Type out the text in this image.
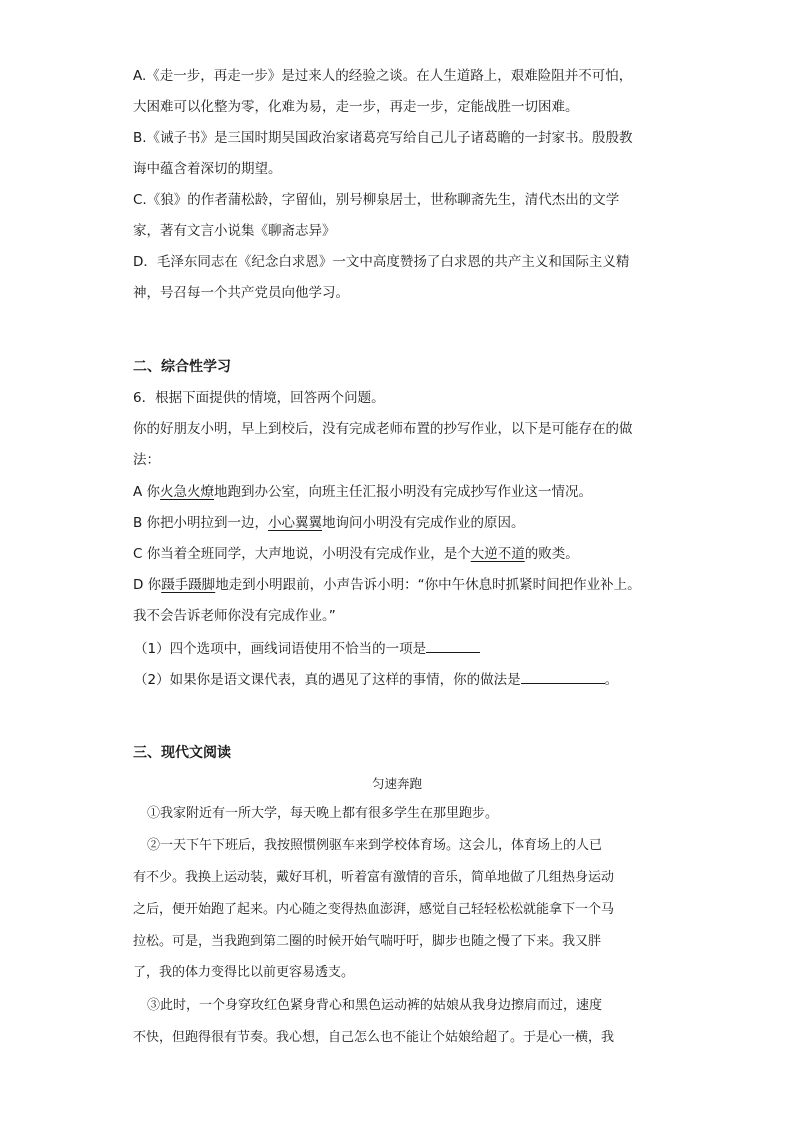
A.《走一步，再走一步》是过来人的经验之谈。在人生道路上，艰难险阻并不可怕，
大困难可以化整为零，化难为易，走一步，再走一步，定能战胜一切困难。
B.《诫子书》是三国时期吴国政治家诸葛亮写给自己儿子诸葛瞻的一封家书。殷殷教
诲中蕴含着深切的期望。
C.《狼》的作者蒲松龄，字留仙，别号柳泉居士，世称聊斋先生，清代杰出的文学
家，著有文言小说集《聊斋志异》
D．毛泽东同志在《纪念白求恩》一文中高度赞扬了白求恩的共产主义和国际主义精
神，号召每一个共产党员向他学习。
二、综合性学习
6．根据下面提供的情境，回答两个问题。
你的好朋友小明，早上到校后，没有完成老师布置的抄写作业，以下是可能存在的做
法：
A 你火急火燎地跑到办公室，向班主任汇报小明没有完成抄写作业这一情况。
B 你把小明拉到一边，小心翼翼地询问小明没有完成作业的原因。
C 你当着全班同学，大声地说，小明没有完成作业，是个大逆不道的败类。
D 你蹑手蹑脚地走到小明跟前，小声告诉小明：“你中午休息时抓紧时间把作业补上。
我不会告诉老师你没有完成作业。”
（1）四个选项中，画线词语使用不恰当的一项是
（2）如果你是语文课代表，真的遇见了这样的事情，你的做法是	。
三、现代文阅读
匀速奔跑
①我家附近有一所大学，每天晚上都有很多学生在那里跑步。
②一天下午下班后，我按照惯例驱车来到学校体育场。这会儿，体育场上的人已
有不少。我换上运动装，戴好耳机，听着富有激情的音乐，简单地做了几组热身运动
之后，便开始跑了起来。内心随之变得热血澎湃，感觉自己轻轻松松就能拿下一个马
拉松。可是，当我跑到第二圈的时候开始气喘吁吁，脚步也随之慢了下来。我又胖
了，我的体力变得比以前更容易透支。
③此时，一个身穿玫红色紧身背心和黑色运动裤的姑娘从我身边擦肩而过，速度
不快，但跑得很有节奏。我心想，自己怎么也不能让个姑娘给超了。于是心一横，我
